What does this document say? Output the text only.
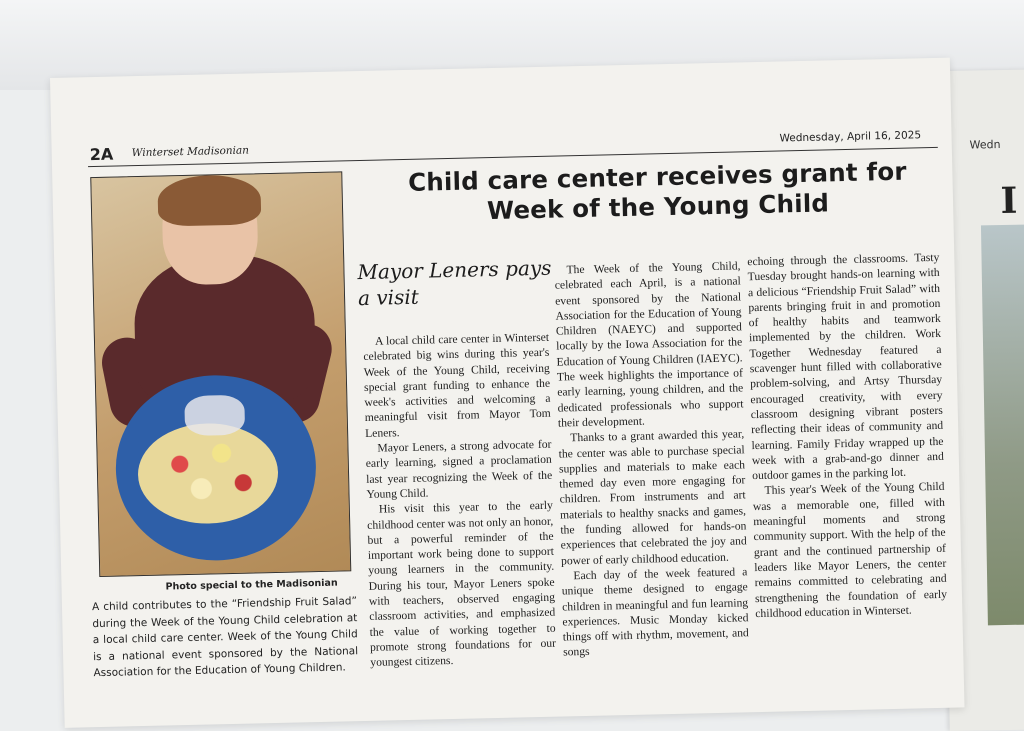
Wedn
I
2A Winterset Madisonian
Wednesday, April 16, 2025
Photo special to the Madisonian
A child contributes to the “Friendship Fruit Salad” during the Week of the Young Child celebration at a local child care center. Week of the Young Child is a national event sponsored by the National Association for the Education of Young Children.
Child care center receives grant for Week of the Young Child
Mayor Leners pays a visit

A local child care center in Winterset celebrated big wins during this year's Week of the Young Child, receiving special grant funding to enhance the week's activities and welcoming a meaningful visit from Mayor Tom Leners.

Mayor Leners, a strong advocate for early learning, signed a proclamation last year recognizing the Week of the Young Child.

His visit this year to the early childhood center was not only an honor, but a powerful reminder of the important work being done to support young learners in the community. During his tour, Mayor Leners spoke with teachers, observed engaging classroom activities, and emphasized the value of working together to promote strong foundations for our youngest citizens.

The Week of the Young Child, celebrated each April, is a national event sponsored by the National Association for the Education of Young Children (NAEYC) and supported locally by the Iowa Association for the Education of Young Children (IAEYC). The week highlights the importance of early learning, young children, and the dedicated professionals who support their development.

Thanks to a grant awarded this year, the center was able to purchase special supplies and materials to make each themed day even more engaging for children. From instruments and art materials to healthy snacks and games, the funding allowed for hands-on experiences that celebrated the joy and power of early childhood education.

Each day of the week featured a unique theme designed to engage children in meaningful and fun learning experiences. Music Monday kicked things off with rhythm, movement, and songs

echoing through the classrooms. Tasty Tuesday brought hands-on learning with a delicious “Friendship Fruit Salad” with parents bringing fruit in and promotion of healthy habits and teamwork implemented by the children. Work Together Wednesday featured a scavenger hunt filled with collaborative problem-solving, and Artsy Thursday encouraged creativity, with every classroom designing vibrant posters reflecting their ideas of community and learning. Family Friday wrapped up the week with a grab-and-go dinner and outdoor games in the parking lot.

This year's Week of the Young Child was a memorable one, filled with meaningful moments and strong community support. With the help of the grant and the continued partnership of leaders like Mayor Leners, the center remains committed to celebrating and strengthening the foundation of early childhood education in Winterset.
